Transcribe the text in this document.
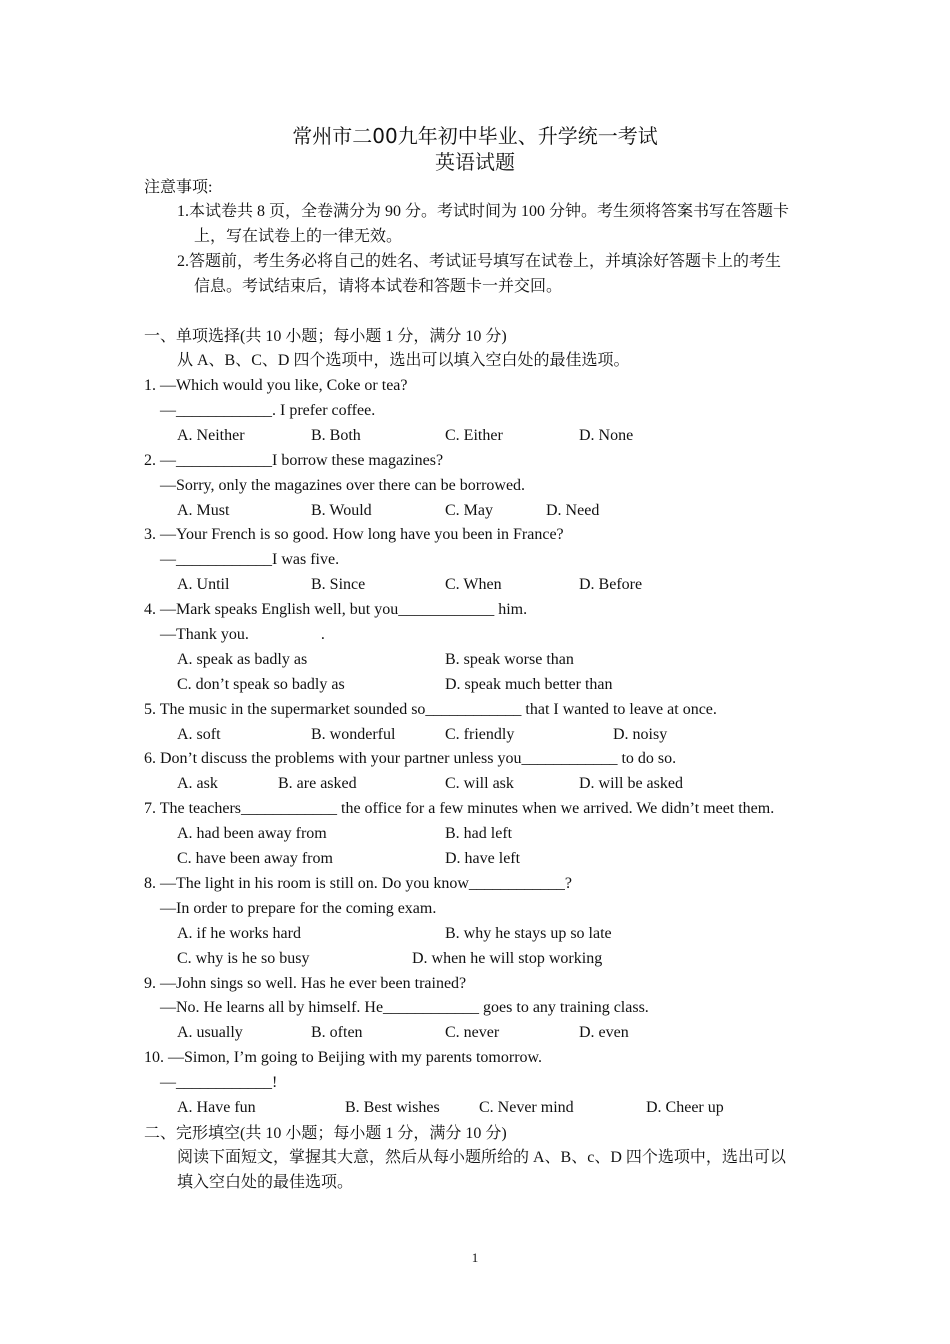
常州市二00九年初中毕业、升学统一考试
英语试题
注意事项:
1.本试卷共 8 页，全卷满分为 90 分。考试时间为 100 分钟。考生须将答案书写在答题卡
上，写在试卷上的一律无效。
2.答题前，考生务必将自己的姓名、考试证号填写在试卷上，并填涂好答题卡上的考生
信息。考试结束后，请将本试卷和答题卡一并交回。
一、单项选择(共 10 小题；每小题 1 分，满分 10 分)
从 A、B、C、D 四个选项中，选出可以填入空白处的最佳选项。
1. —Which would you like, Coke or tea?
—____________. I prefer coffee.
A. Neither	B. Both	C. Either	D. None
2. —____________I borrow these magazines?
—Sorry, only the magazines over there can be borrowed.
A. Must	B. Would	C. May	D. Need
3. —Your French is so good. How long have you been in France?
—____________I was five.
A. Until	B. Since	C. When	D. Before
4. —Mark speaks English well, but you____________ him.
—Thank you.                  .
A. speak as badly as	B. speak worse than
C. don’t speak so badly as	D. speak much better than
5. The music in the supermarket sounded so____________ that I wanted to leave at once.
A. soft	B. wonderful	C. friendly	D. noisy
6. Don’t discuss the problems with your partner unless you____________ to do so.
A. ask	B. are asked	C. will ask	D. will be asked
7. The teachers____________ the office for a few minutes when we arrived. We didn’t meet them.
A. had been away from	B. had left
C. have been away from	D. have left
8. —The light in his room is still on. Do you know____________?
—In order to prepare for the coming exam.
A. if he works hard	B. why he stays up so late
C. why is he so busy	D. when he will stop working
9. —John sings so well. Has he ever been trained?
—No. He learns all by himself. He____________ goes to any training class.
A. usually	B. often	C. never	D. even
10. —Simon, I’m going to Beijing with my parents tomorrow.
—____________!
A. Have fun	B. Best wishes C. Never mind	D. Cheer up
二、完形填空(共 10 小题；每小题 1 分，满分 10 分)
阅读下面短文，掌握其大意，然后从每小题所给的 A、B、c、D 四个选项中，选出可以
填入空白处的最佳选项。
1
